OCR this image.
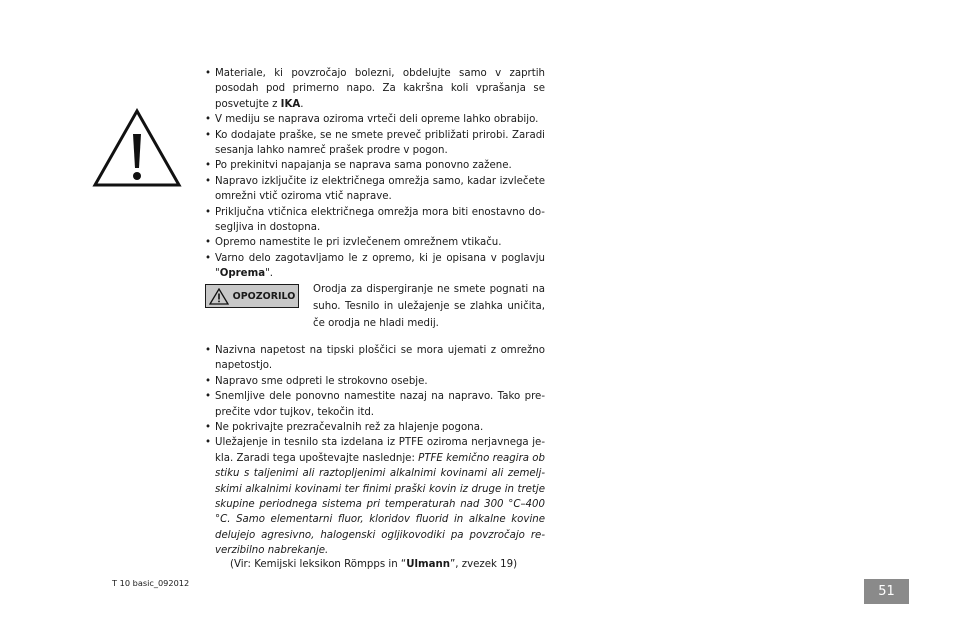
• Materiale, ki povzročajo bolezni, obdelujte samo v zaprtih posodah pod primerno napo. Za kakršna koli vprašanja se posvetujte z IKA.
• V mediju se naprava oziroma vrteči deli opreme lahko obrabijo.
• Ko dodajate praške, se ne smete preveč približati prirobi. Zaradi sesanja lahko namreč prašek prodre v pogon.
• Po prekinitvi napajanja se naprava sama ponovno zažene.
• Napravo izklјučite iz električnega omrežja samo, kadar izvlečete omrežni vtič oziroma vtič naprave.
• Priključna vtičnica električnega omrežja mora biti enostavno do-segljiva in dostopna.
• Opremo namestite le pri izvlečenem omrežnem vtikaču.
• Varno delo zagotavljamo le z opremo, ki je opisana v poglavju "Oprema".
OPOZORILO
Orodja za dispergiranje ne smete pognati na suho. Tesnilo in uležajenje se zlahka uničita, če orodja ne hladi medij.
• Nazivna napetost na tipski ploščici se mora ujemati z omrežno napetostjo.
• Napravo sme odpreti le strokovno osebje.
• Snemljive dele ponovno namestite nazaj na napravo. Tako pre-prečite vdor tujkov, tekočin itd.
• Ne pokrivajte prezračevalnih rež za hlajenje pogona.
• Uležajenje in tesnilo sta izdelana iz PTFE oziroma nerjavnega je-kla. Zaradi tega upoštevajte naslednje: PTFE kemično reagira ob stiku s taljenimi ali raztopljenimi alkalnimi kovinami ali zemelj-skimi alkalnimi kovinami ter finimi praški kovin iz druge in tretje skupine periodnega sistema pri temperaturah nad 300 °C–400 °C. Samo elementarni fluor, kloridov fluorid in alkalne kovine delujejo agresivno, halogenski ogljikovodiki pa povzročajo re-verzibilno nabrekanje.
(Vir: Kemijski leksikon Römpps in “Ulmann”, zvezek 19)
T 10 basic_092012
51
